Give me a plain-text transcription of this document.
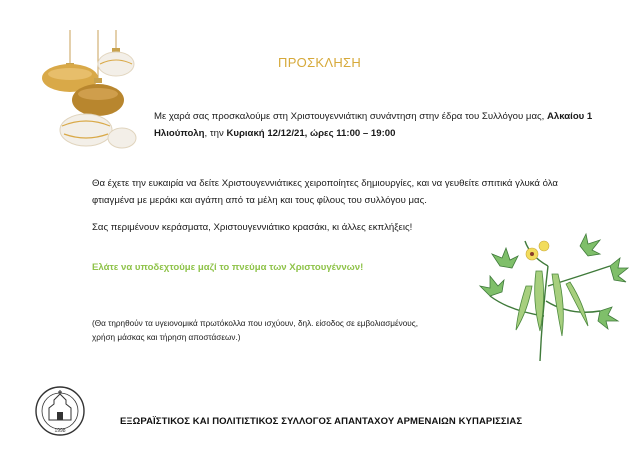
ΠΡΟΣΚΛΗΣΗ
Με χαρά σας προσκαλούμε στη Χριστουγεννιάτικη συνάντηση στην έδρα του Συλλόγου μας, Αλκαίου 1 Ηλιούπολη, την Κυριακή 12/12/21, ώρες 11:00 – 19:00
Θα έχετε την ευκαιρία να δείτε Χριστουγεννιάτικες χειροποίητες δημιουργίες, και να γευθείτε σπιτικά γλυκά όλα φτιαγμένα με μεράκι και αγάπη από τα μέλη και τους φίλους του συλλόγου μας.
Σας περιμένουν κεράσματα, Χριστουγεννιάτικο κρασάκι, κι άλλες εκπλήξεις!
Ελάτε να υποδεχτούμε μαζί το πνεύμα των Χριστουγέννων!
(Θα τηρηθούν τα υγειονομικά πρωτόκολλα που ισχύουν, δηλ. είσοδος σε εμβολιασμένους, χρήση μάσκας και τήρηση αποστάσεων.)
1998
ΕΞΩΡΑΪΣΤΙΚΟΣ ΚΑΙ ΠΟΛΙΤΙΣΤΙΚΟΣ ΣΥΛΛΟΓΟΣ ΑΠΑΝΤΑΧΟΥ ΑΡΜΕΝΑΙΩΝ ΚΥΠΑΡΙΣΣΙΑΣ
